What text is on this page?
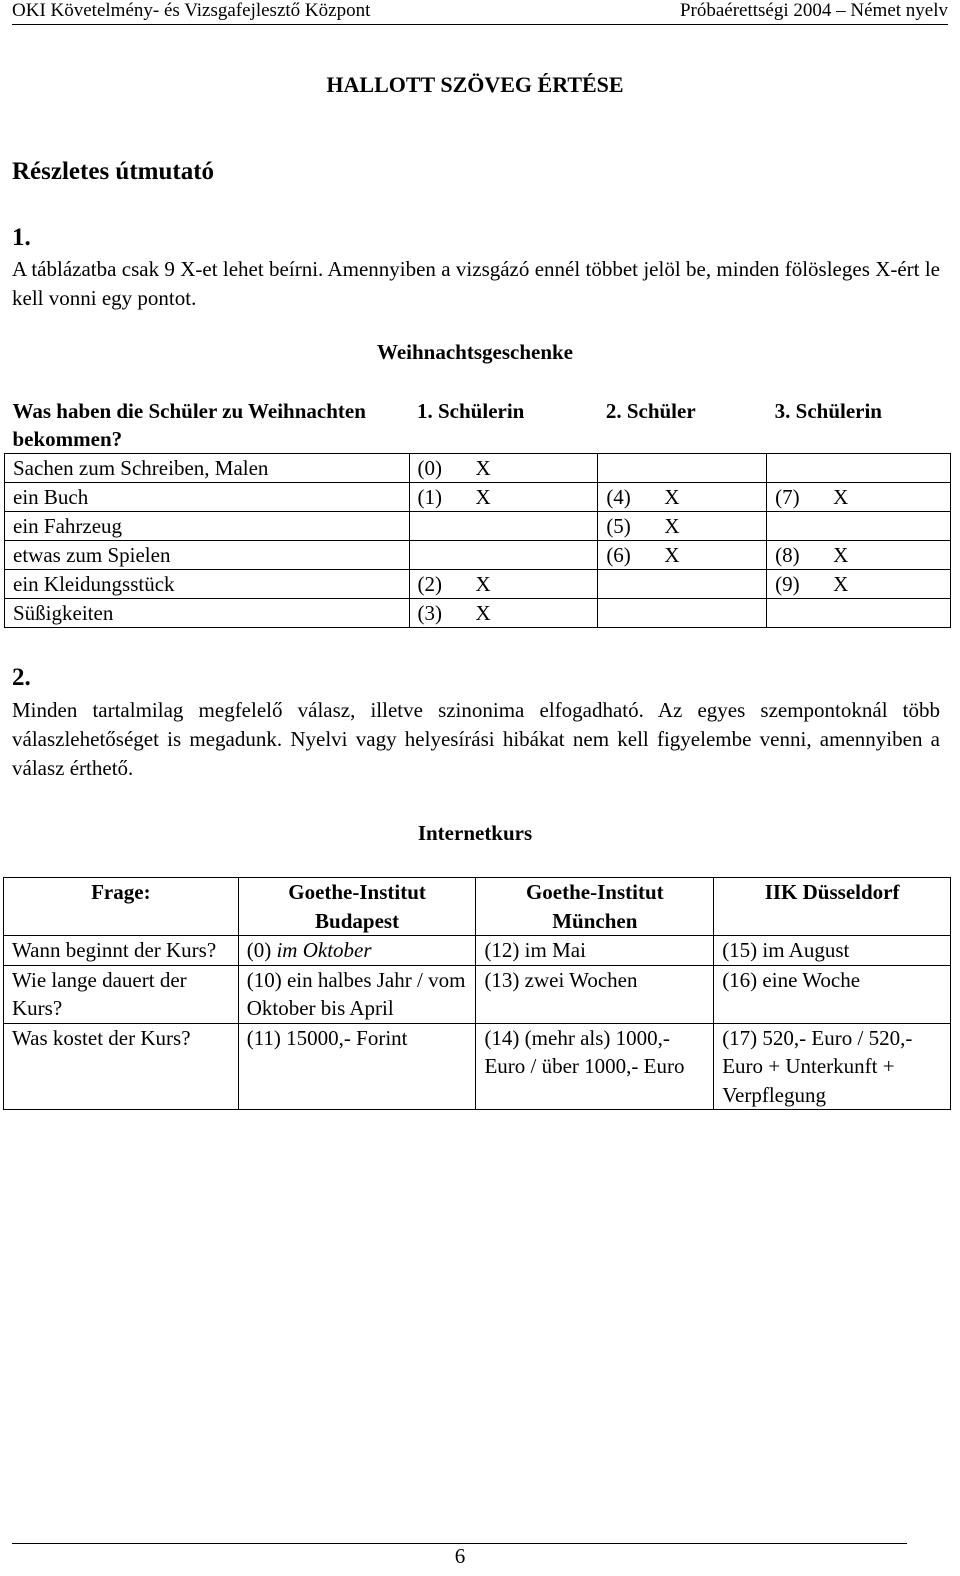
OKI Követelmény- és Vizsgafejlesztő Központ	Próbaérettségi 2004 – Német nyelv
HALLOTT SZÖVEG ÉRTÉSE
Részletes útmutató
1.
A táblázatba csak 9 X-et lehet beírni. Amennyiben a vizsgázó ennél többet jelöl be, minden fölösleges X-ért le kell vonni egy pontot.
Weihnachtsgeschenke
Was haben die Schüler zu Weihnachten bekommen?	1. Schülerin	2. Schüler	3. Schülerin
Sachen zum Schreiben, Malen	(0) X		
ein Buch	(1) X	(4) X	(7) X
ein Fahrzeug		(5) X	
etwas zum Spielen		(6) X	(8) X
ein Kleidungsstück	(2) X		(9) X
Süßigkeiten	(3) X		
2.
Minden tartalmilag megfelelő válasz, illetve szinonima elfogadható. Az egyes szempontoknál több válaszlehetőséget is megadunk. Nyelvi vagy helyesírási hibákat nem kell figyelembe venni, amennyiben a válasz érthető.
Internetkurs
Frage:	Goethe-Institut Budapest	Goethe-Institut München	IIK Düsseldorf
Wann beginnt der Kurs?	(0) im Oktober	(12) im Mai	(15) im August
Wie lange dauert der Kurs?	(10) ein halbes Jahr / vom Oktober bis April	(13) zwei Wochen	(16) eine Woche
Was kostet der Kurs?	(11) 15000,- Forint	(14) (mehr als) 1000,- Euro / über 1000,- Euro	(17) 520,- Euro / 520,- Euro + Unterkunft + Verpflegung
6
